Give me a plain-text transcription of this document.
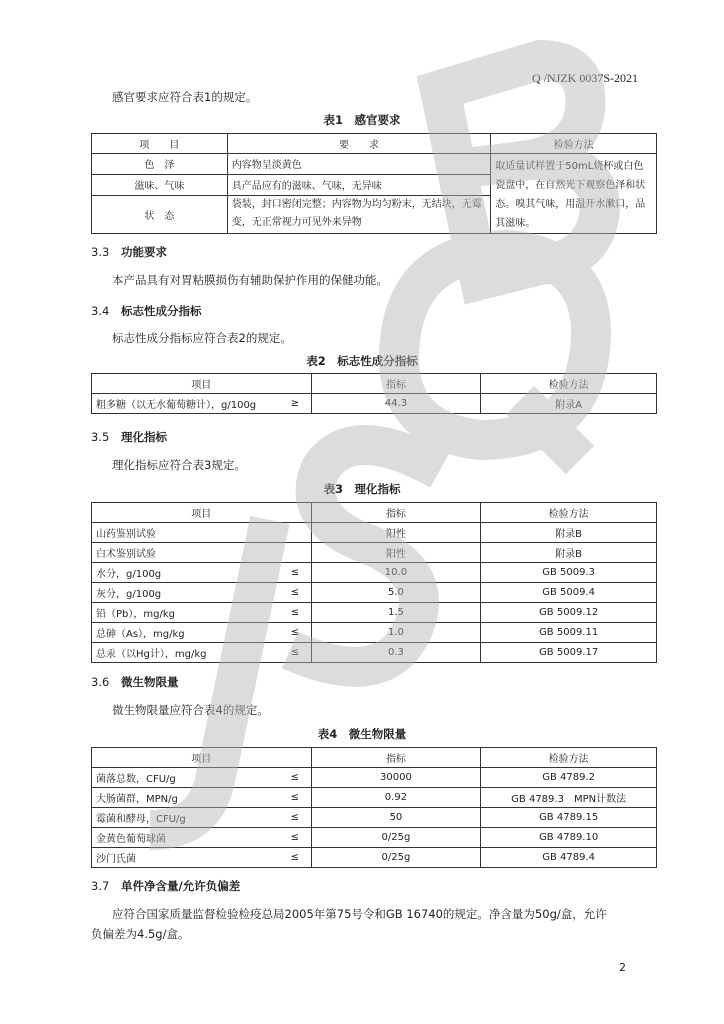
Q /NJZK 0037S-2021
感官要求应符合表1的规定。
表1　感官要求
项　　目	要　　求	检验方法
色　泽	内容物呈淡黄色	取适量试样置于50mL烧杯或白色瓷盘中，在自然光下观察色泽和状态。嗅其气味，用温开水漱口，品其滋味。
滋味、气味	具产品应有的滋味、气味，无异味	
状　态	袋装，封口密闭完整；内容物为均匀粉末，无结块，无霉变，无正常视力可见外来异物	
3.3 功能要求
本产品具有对胃粘膜损伤有辅助保护作用的保健功能。
3.4 标志性成分指标
标志性成分指标应符合表2的规定。
表2　标志性成分指标
项目		指标	检验方法
粗多糖（以无水葡萄糖计），g/100g	≥	44.3	附录A
3.5 理化指标
理化指标应符合表3规定。
表3　理化指标
项目		指标	检验方法
山药鉴别试验		阳性	附录B
白术鉴别试验		阳性	附录B
水分，g/100g	≤	10.0	GB 5009.3
灰分，g/100g	≤	5.0	GB 5009.4
铅（Pb），mg/kg	≤	1.5	GB 5009.12
总砷（As），mg/kg	≤	1.0	GB 5009.11
总汞（以Hg计），mg/kg	≤	0.3	GB 5009.17
3.6 微生物限量
微生物限量应符合表4的规定。
表4　微生物限量
项目		指标	检验方法
菌落总数，CFU/g	≤	30000	GB 4789.2
大肠菌群，MPN/g	≤	0.92	GB 4789.3　MPN计数法
霉菌和酵母，CFU/g	≤	50	GB 4789.15
金黄色葡萄球菌	≤	0/25g	GB 4789.10
沙门氏菌	≤	0/25g	GB 4789.4
3.7 单件净含量/允许负偏差
应符合国家质量监督检验检疫总局2005年第75号令和GB 16740的规定。净含量为50g/盒，允许
负偏差为4.5g/盒。
2
